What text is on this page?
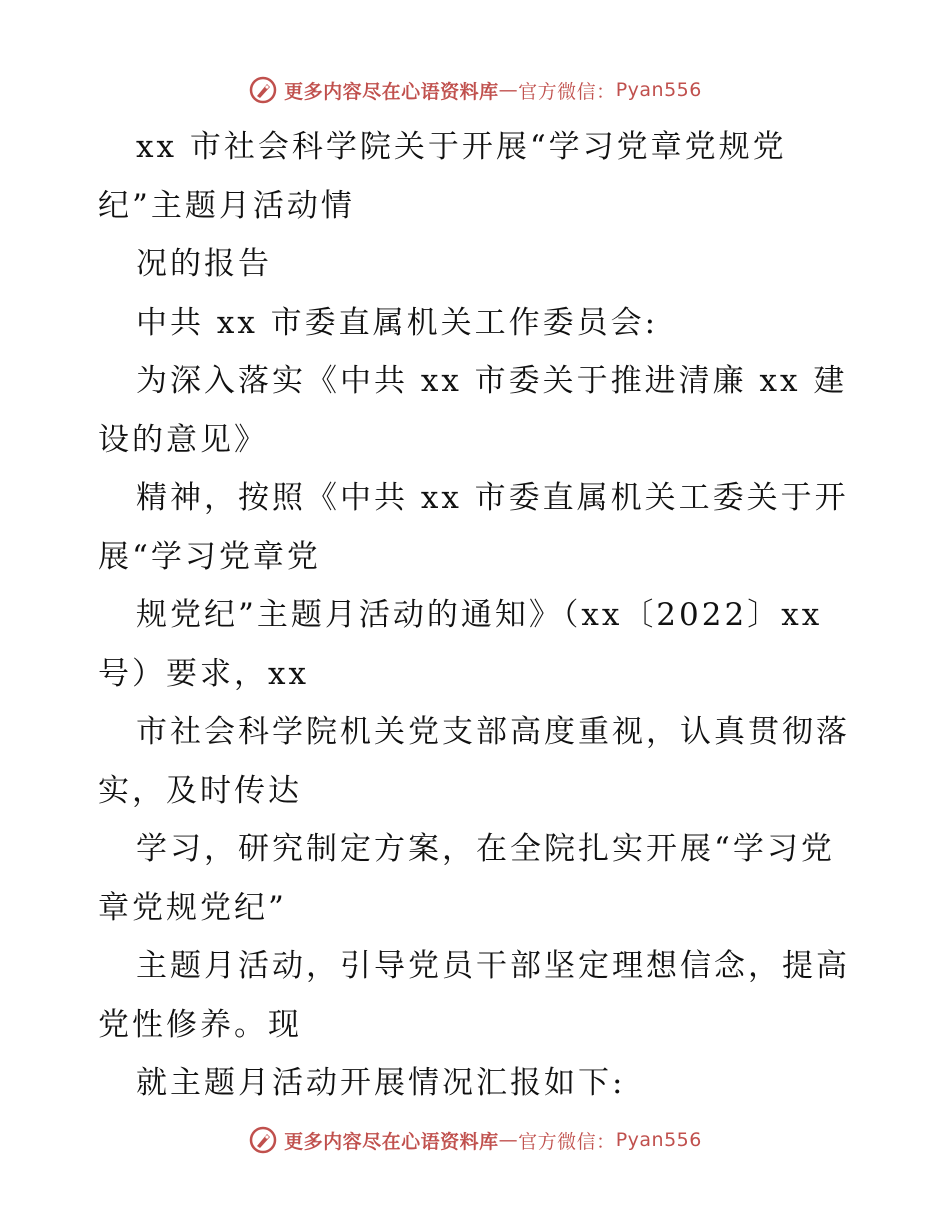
更多内容尽在心语资料库 — 官方微信： Pyan556
xx 市社会科学院关于开展“学习党章党规党
纪”主题月活动情
况的报告
中共 xx 市委直属机关工作委员会:
为深入落实《中共 xx 市委关于推进清廉 xx 建
设的意见》
精神，按照《中共 xx 市委直属机关工委关于开
展“学习党章党
规党纪”主题月活动的通知》（xx〔2022〕xx
号）要求，xx
市社会科学院机关党支部高度重视，认真贯彻落
实，及时传达
学习，研究制定方案，在全院扎实开展“学习党
章党规党纪”
主题月活动，引导党员干部坚定理想信念，提高
党性修养。现
就主题月活动开展情况汇报如下:
更多内容尽在心语资料库 — 官方微信： Pyan556
